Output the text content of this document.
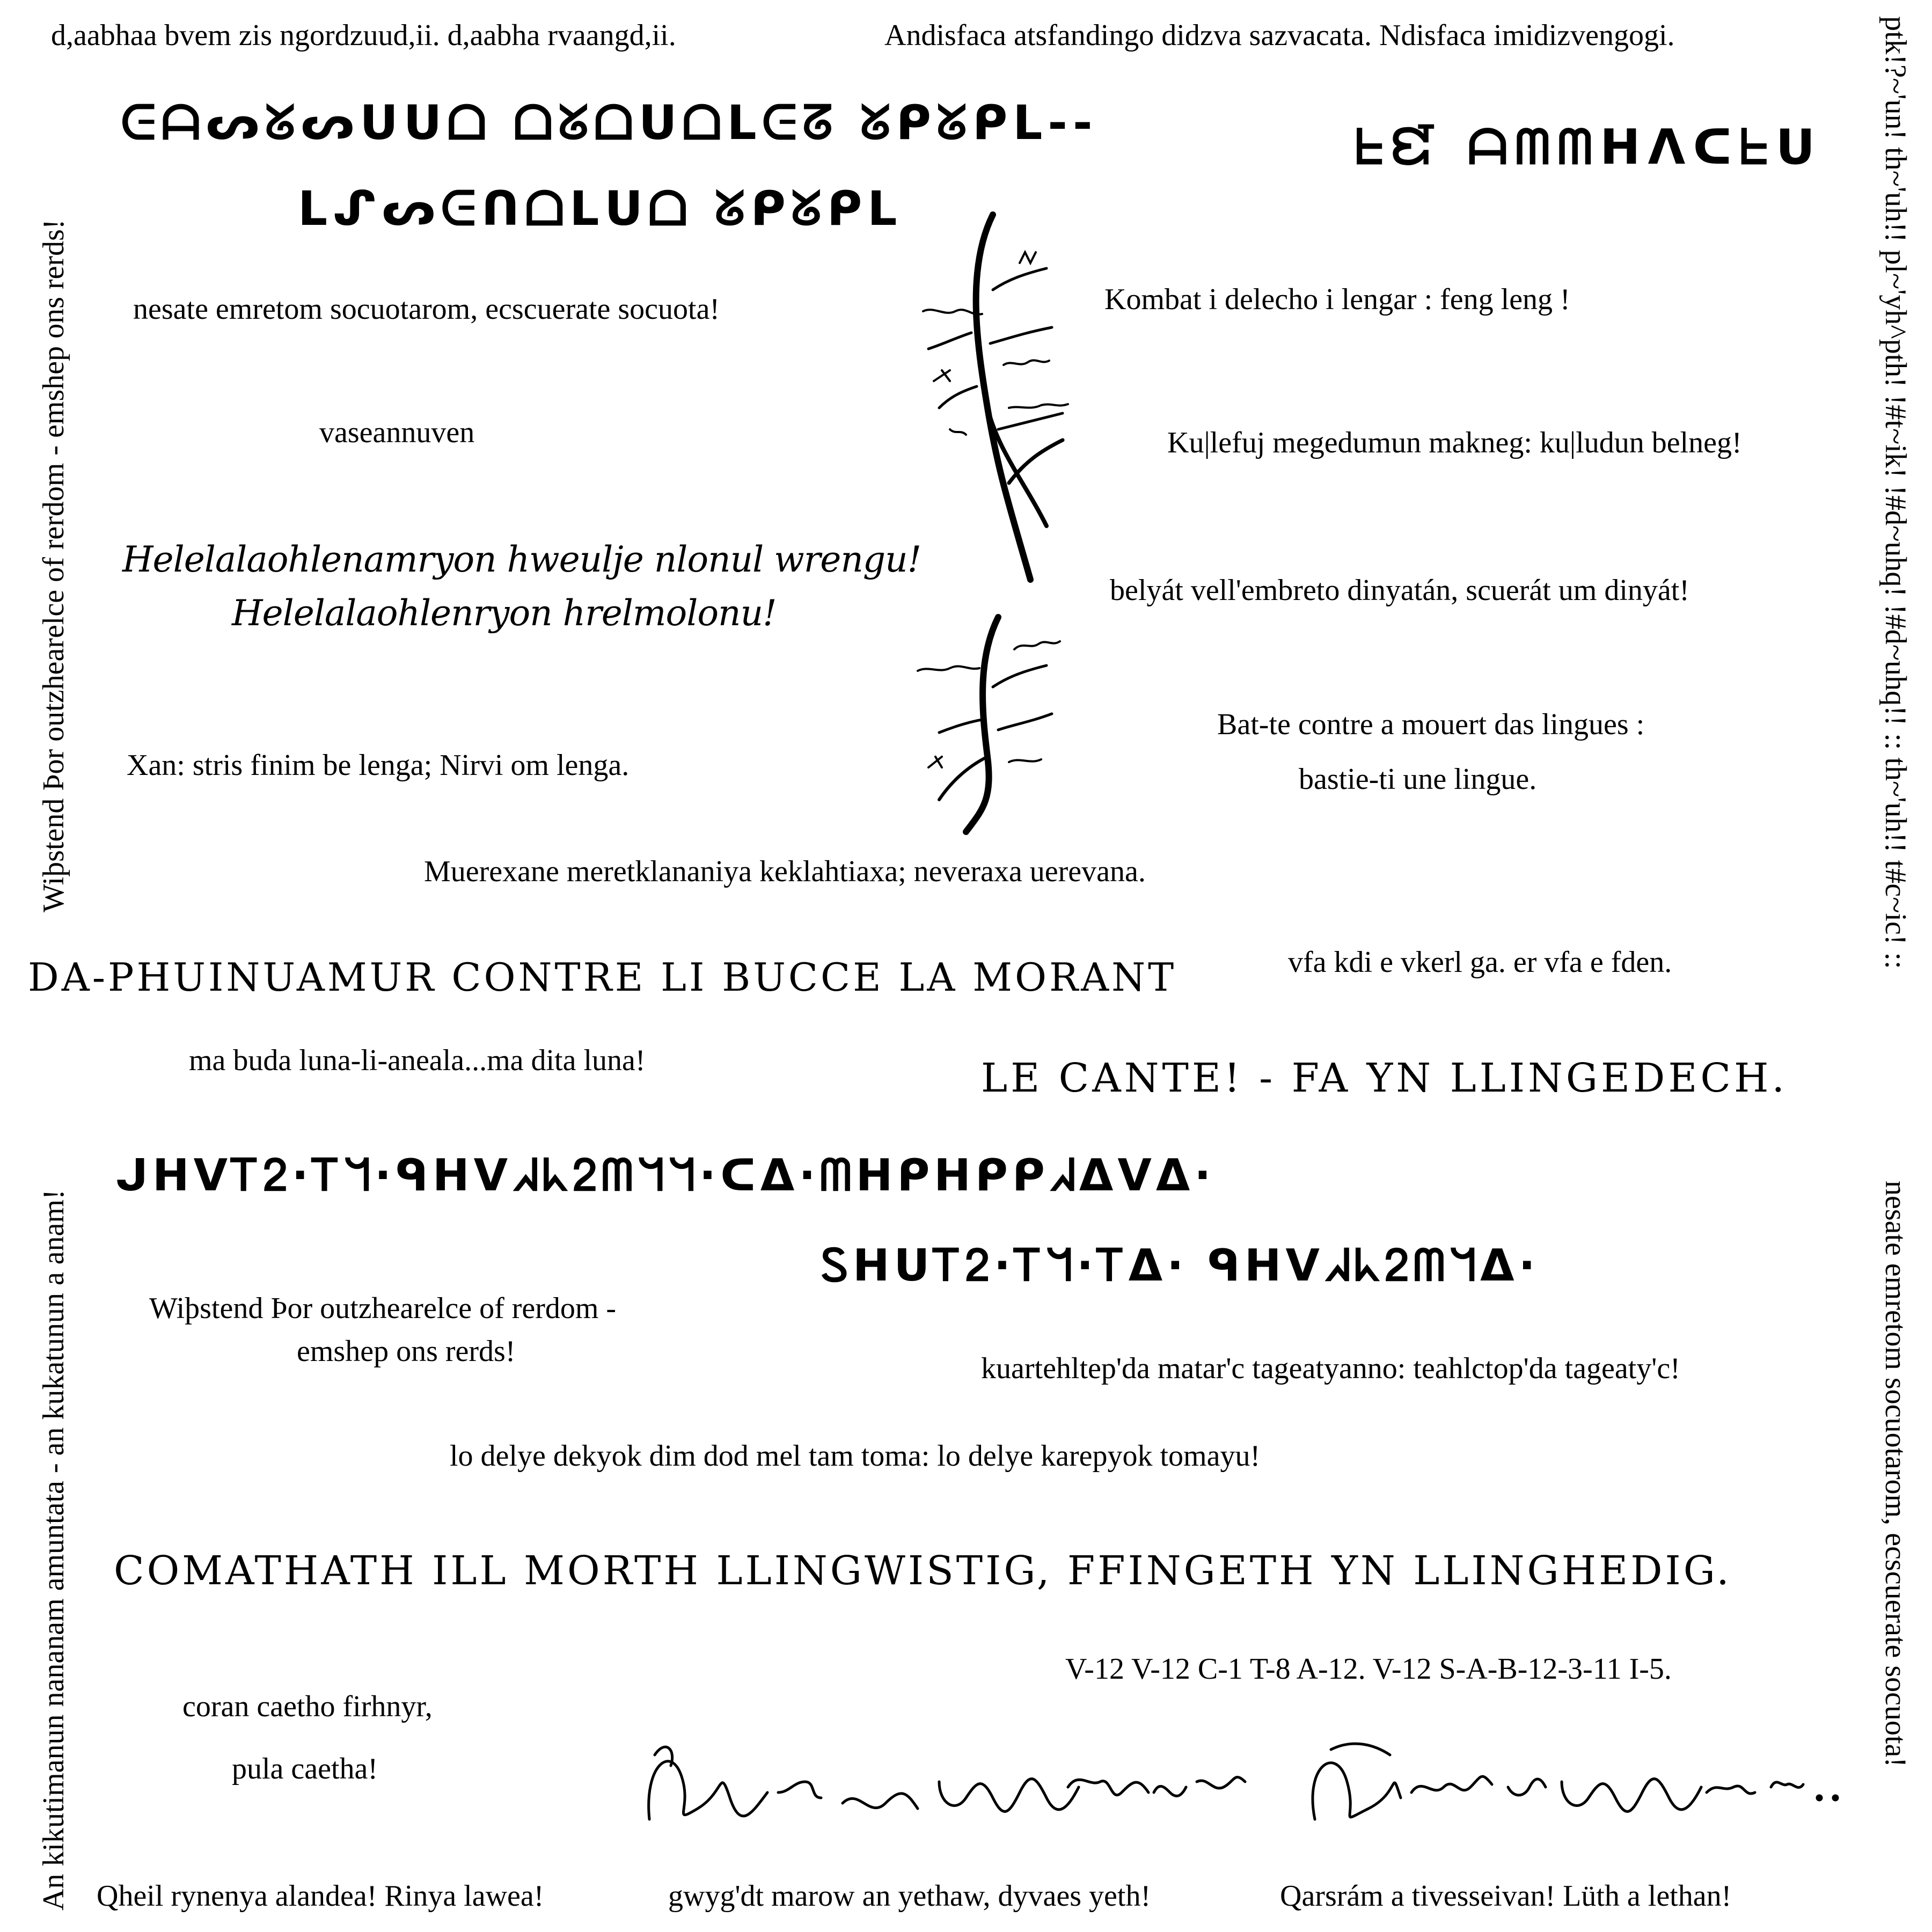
d,aabhaa bvem zis ngordzuud,ii. d,aabha rvaangd,ii.	Andisfaca atsfandingo didzva sazvacata. Ndisfaca imidizvengogi.
ᕮᗩᔕᘜᔕᑌᑌᗝ ᗝᘜᗝᑌᗝᒪᕮᘔ ᘜᑭᘜᑭᒪ--
ᒪᔑᔕᕮᑎᗝᒪᑌᗝ ᘜᑭᘜᑭᒪ
ᖶᘿ ᗩᗰᗰᕼᐱᑕᖶᑌ
nesate emretom socuotarom, ecscuerate socuota!
vaseannuven
Helelalaohlenamryon hweulje nlonul wrengu!
Helelalaohlenryon hrelmolonu!
Xan: stris finim be lenga; Nirvi om lenga.
Kombat i delecho i lengar : feng leng !
Ku|lefuj megedumun makneg: ku|ludun belneg!
belyát vell'embreto dinyatán, scuerát um dinyát!
Bat-te contre a mouert das lingues :
bastie-ti une lingue.
Muerexane meretklananiya keklahtiaxa; neveraxa uerevana.
DA-PHUINUAMUR CONTRE LI BUCCE LA MORANT	vfa kdi e vkerl ga. er vfa e fden.
ma buda luna-li-aneala...ma dita luna!	LE CANTE! - FA YN LLINGEDECH.
ᒍᕼᐯᎢᒿ·Ꭲᖻ·ᑫᕼᐯᖽᖾᒿᗰᖻᖻ·ᑕᐃ·ᗰᕼᑭᕼᑭᑭᖽᐃᐯᐃ·
ᏚᕼᑌᎢᒿ·Ꭲᖻ·Ꭲᐃ· ᑫᕼᐯᖽᖾᒿᗰᖻᐃ·
Wiþstend Þor outzhearelce of rerdom -
emshep ons rerds!
kuartehltep'da matar'c tageatyanno: teahlctop'da tageaty'c!
lo delye dekyok dim dod mel tam toma: lo delye karepyok tomayu!
COMATHATH ILL MORTH LLINGWISTIG, FFINGETH YN LLINGHEDIG.
V-12 V-12 C-1 T-8 A-12. V-12 S-A-B-12-3-11 I-5.
coran caetho firhnyr,
pula caetha!
Qheil rynenya alandea! Rinya lawea!	gwyg'dt marow an yethaw, dyvaes yeth!	Qarsrám a tivesseivan! Lüth a lethan!
Wiþstend Þor outzhearelce of rerdom - emshep ons rerds!
An kikutimanun nananam amuntata - an kukatunun a anam!
ptk!?~'un! th~'uh!! pl~'yh^pth! !#t~ik! !#d~uhq! !#d~uhq!! :: th~'uh!! t#c~ic! ::
nesate emretom socuotarom, ecscuerate socuota!
